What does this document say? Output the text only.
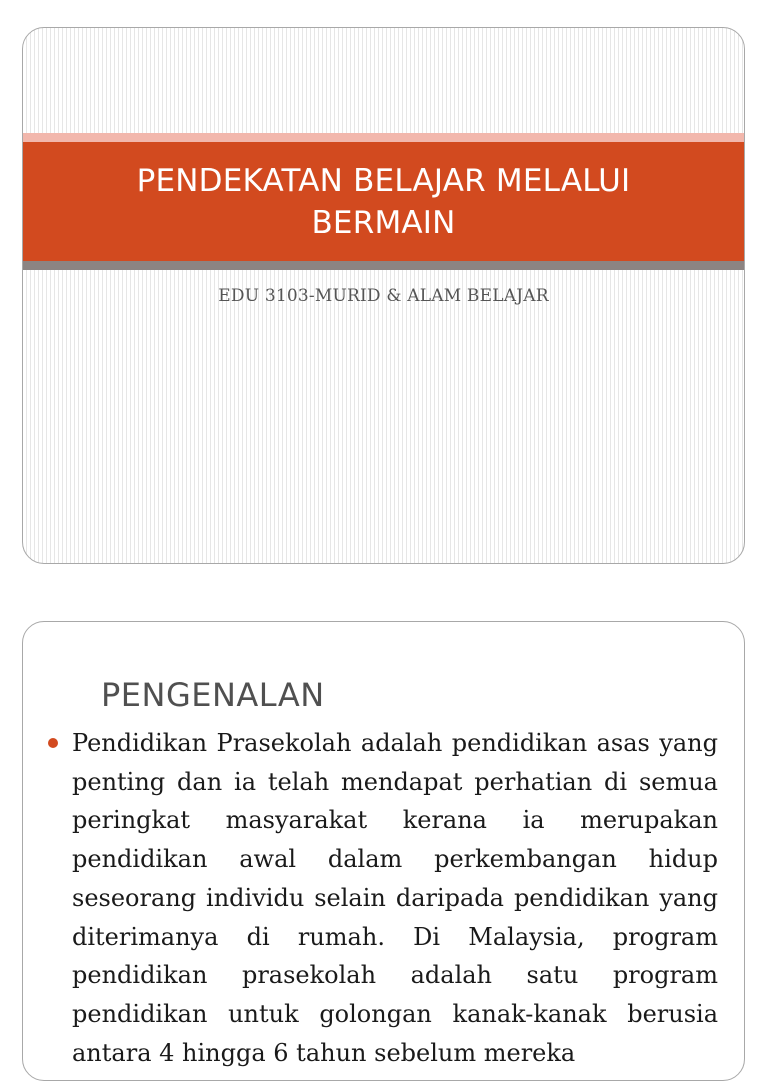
PENDEKATAN BELAJAR MELALUI BERMAIN
EDU 3103-MURID & ALAM BELAJAR
PENGENALAN

Pendidikan Prasekolah adalah pendidikan asas yang penting dan ia telah mendapat perhatian di semua peringkat masyarakat kerana ia merupakan pendidikan awal dalam perkembangan hidup seseorang individu selain daripada pendidikan yang diterimanya di rumah. Di Malaysia, program pendidikan prasekolah adalah satu program pendidikan untuk golongan kanak-kanak berusia antara 4 hingga 6 tahun sebelum mereka
